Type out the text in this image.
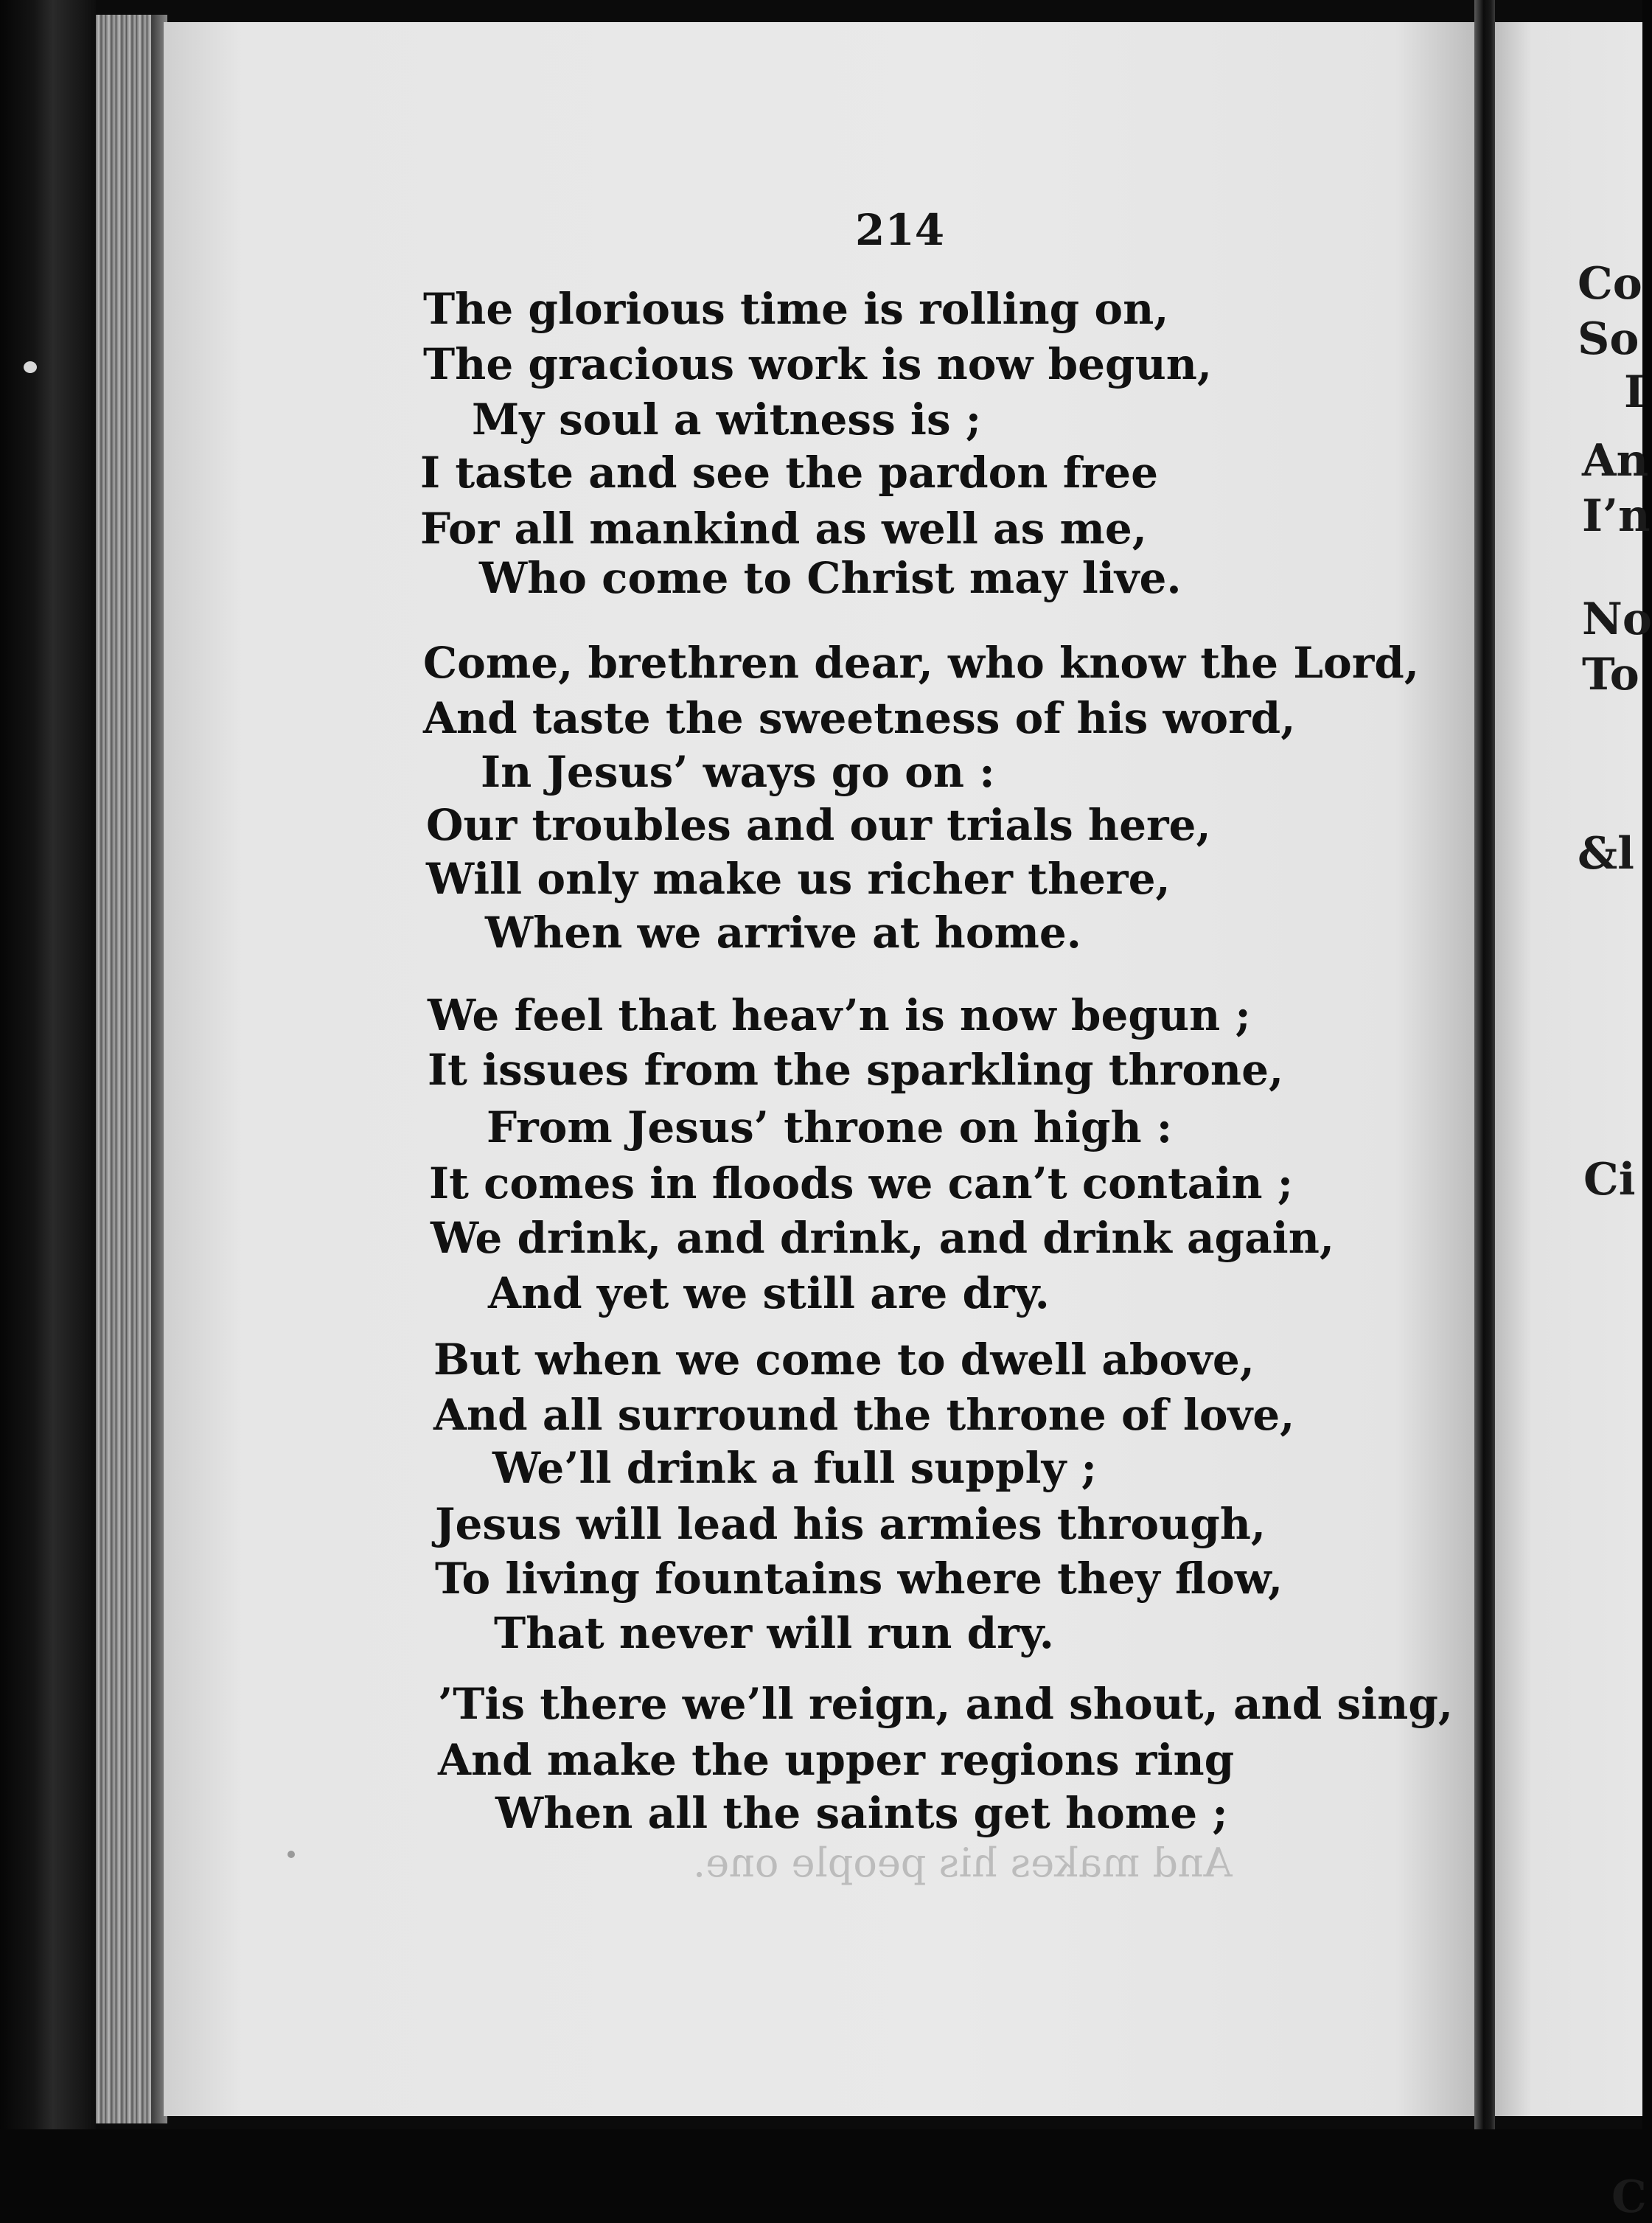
Co

So

I

An

I’n

No

To

&l

Ci

C

And makes his people one.

214

The glorious time is rolling on,

The gracious work is now begun,

My soul a witness is ;

I taste and see the pardon free

For all mankind as well as me,

Who come to Christ may live.

Come, brethren dear, who know the Lord,

And taste the sweetness of his word,

In Jesus’ ways go on :

Our troubles and our trials here,

Will only make us richer there,

When we arrive at home.

We feel that heav’n is now begun ;

It issues from the sparkling throne,

From Jesus’ throne on high :

It comes in floods we can’t contain ;

We drink, and drink, and drink again,

And yet we still are dry.

But when we come to dwell above,

And all surround the throne of love,

We’ll drink a full supply ;

Jesus will lead his armies through,

To living fountains where they flow,

That never will run dry.

’Tis there we’ll reign, and shout, and sing,

And make the upper regions ring

When all the saints get home ;
